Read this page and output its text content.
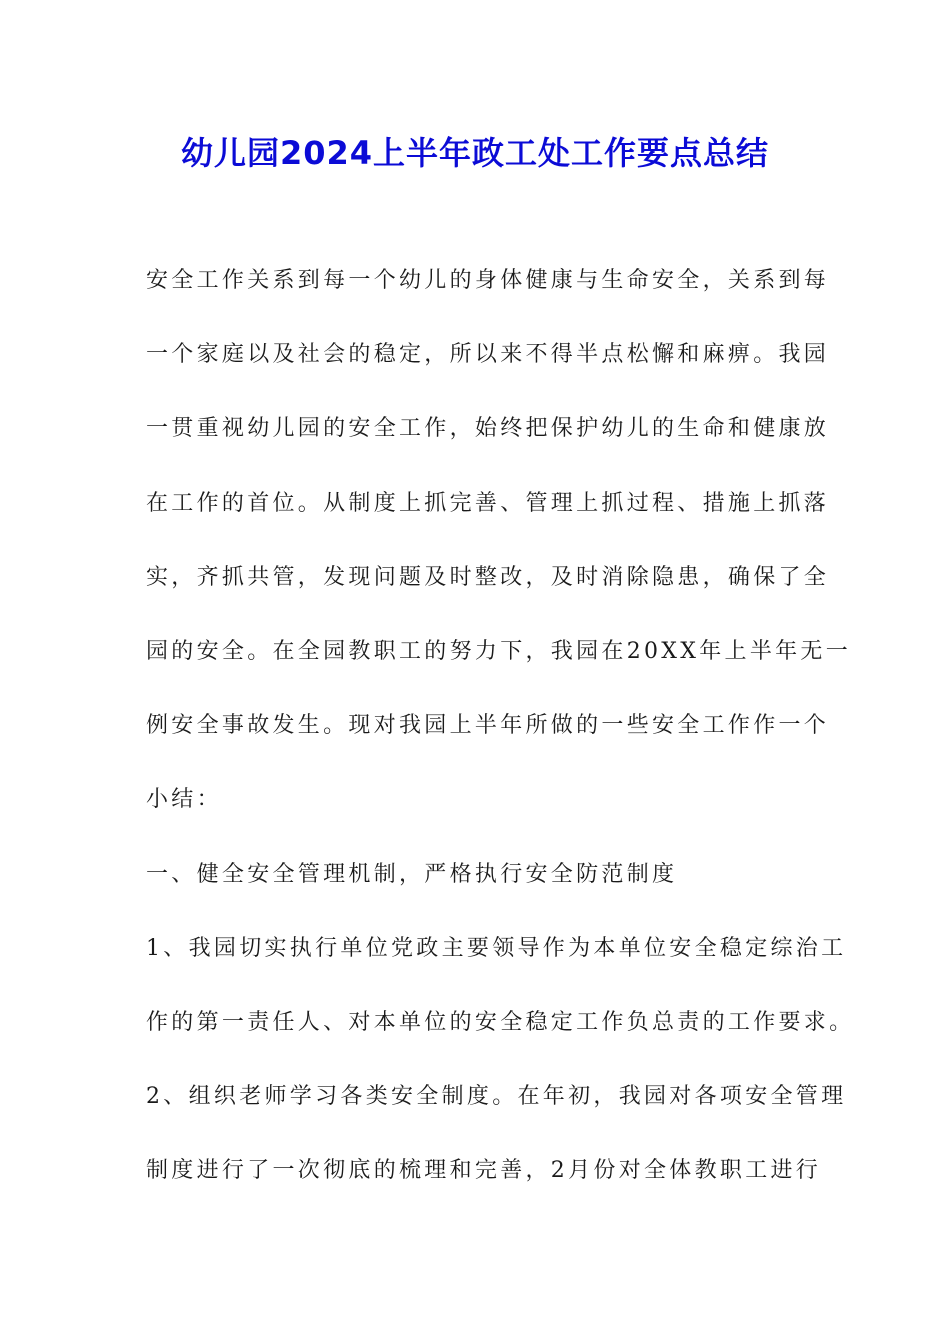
幼儿园2024上半年政工处工作要点总结
安全工作关系到每一个幼儿的身体健康与生命安全，关系到每
一个家庭以及社会的稳定，所以来不得半点松懈和麻痹。我园
一贯重视幼儿园的安全工作，始终把保护幼儿的生命和健康放
在工作的首位。从制度上抓完善、管理上抓过程、措施上抓落
实，齐抓共管，发现问题及时整改，及时消除隐患，确保了全
园的安全。在全园教职工的努力下，我园在20XX年上半年无一
例安全事故发生。现对我园上半年所做的一些安全工作作一个
小结：
一、健全安全管理机制，严格执行安全防范制度
1、我园切实执行单位党政主要领导作为本单位安全稳定综治工
作的第一责任人、对本单位的安全稳定工作负总责的工作要求。
2、组织老师学习各类安全制度。在年初，我园对各项安全管理
制度进行了一次彻底的梳理和完善，2月份对全体教职工进行
